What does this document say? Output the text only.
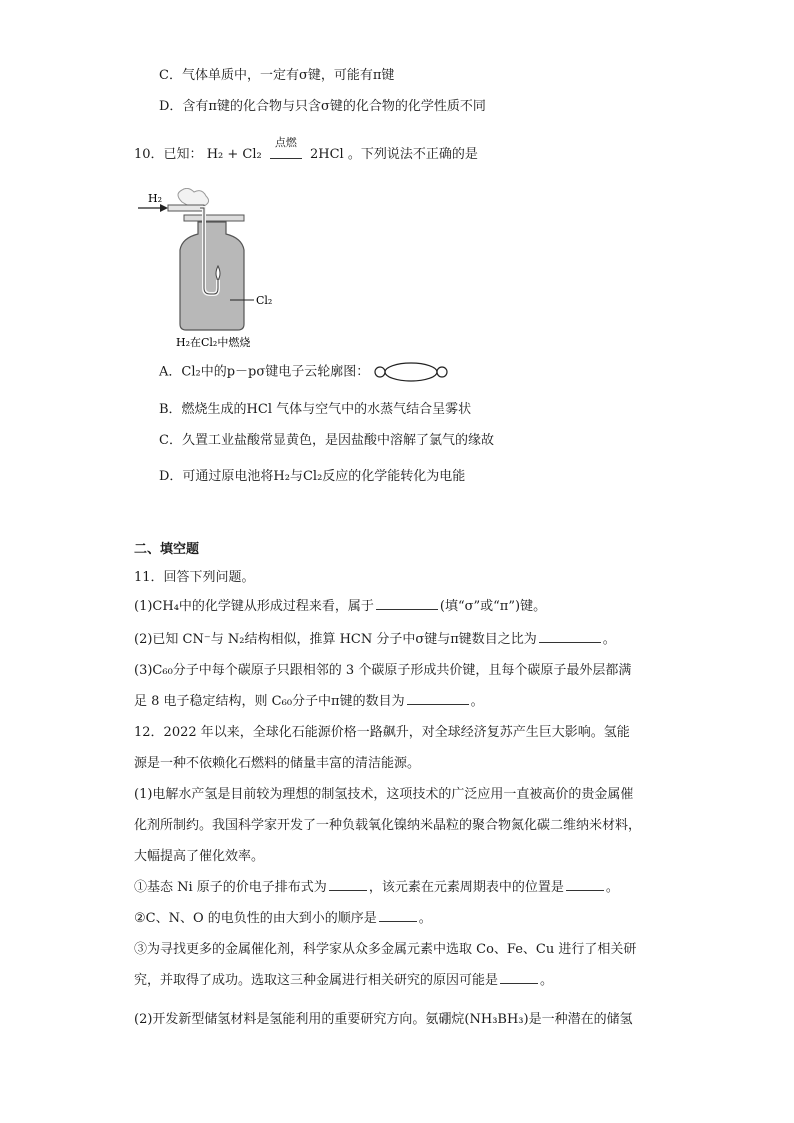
C．气体单质中，一定有σ键，可能有π键
D．含有π键的化合物与只含σ键的化合物的化学性质不同
10．已知： H₂ + Cl₂
点燃
2HCl 。下列说法不正确的是
Cl₂
H₂
H₂在Cl₂中燃烧
A．Cl₂中的p－pσ键电子云轮廓图：
B．燃烧生成的HCl 气体与空气中的水蒸气结合呈雾状
C．久置工业盐酸常显黄色，是因盐酸中溶解了氯气的缘故
D．可通过原电池将H₂与Cl₂反应的化学能转化为电能
二、填空题
11．回答下列问题。
(1)CH₄中的化学键从形成过程来看，属于	(填“σ”或“π”)键。
(2)已知 CN⁻与 N₂结构相似，推算 HCN 分子中σ键与π键数目之比为	。
(3)C₆₀分子中每个碳原子只跟相邻的 3 个碳原子形成共价键，且每个碳原子最外层都满
足 8 电子稳定结构，则 C₆₀分子中π键的数目为	。
12．2022 年以来，全球化石能源价格一路飙升，对全球经济复苏产生巨大影响。氢能
源是一种不依赖化石燃料的储量丰富的清洁能源。
(1)电解水产氢是目前较为理想的制氢技术，这项技术的广泛应用一直被高价的贵金属催
化剂所制约。我国科学家开发了一种负载氧化镍纳米晶粒的聚合物氮化碳二维纳米材料，
大幅提高了催化效率。
①基态 Ni 原子的价电子排布式为	，该元素在元素周期表中的位置是	。
②C、N、O 的电负性的由大到小的顺序是	。
③为寻找更多的金属催化剂，科学家从众多金属元素中选取 Co、Fe、Cu 进行了相关研
究，并取得了成功。选取这三种金属进行相关研究的原因可能是	。
(2)开发新型储氢材料是氢能利用的重要研究方向。氨硼烷(NH₃BH₃)是一种潜在的储氢
